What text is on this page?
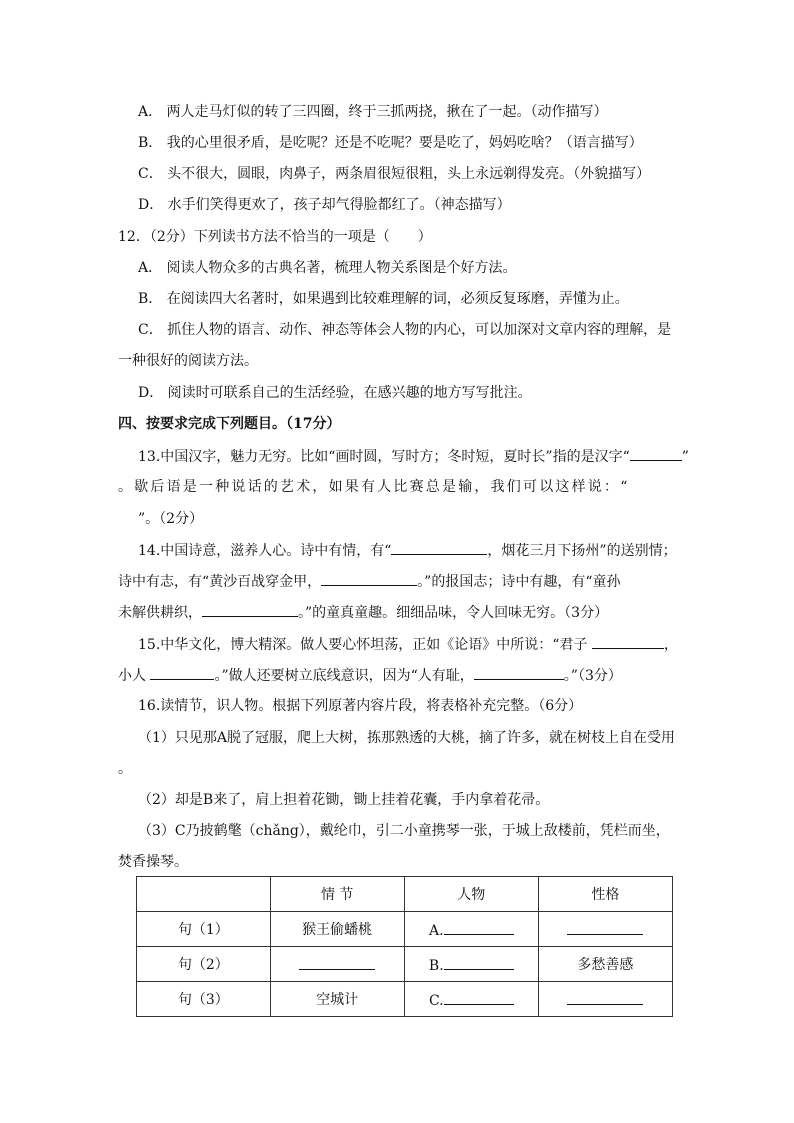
A． 两人走马灯似的转了三四圈，终于三抓两挠，揪在了一起。（动作描写）
B． 我的心里很矛盾，是吃呢？还是不吃呢？要是吃了，妈妈吃啥？（语言描写）
C． 头不很大，圆眼，肉鼻子，两条眉很短很粗，头上永远剃得发亮。（外貌描写）
D． 水手们笑得更欢了，孩子却气得脸都红了。（神态描写）
12．（2分）下列读书方法不恰当的一项是（　　）
A． 阅读人物众多的古典名著，梳理人物关系图是个好方法。
B． 在阅读四大名著时，如果遇到比较难理解的词，必须反复琢磨，弄懂为止。
C． 抓住人物的语言、动作、神态等体会人物的内心，可以加深对文章内容的理解，是
一种很好的阅读方法。
D． 阅读时可联系自己的生活经验，在感兴趣的地方写写批注。
四、按要求完成下列题目。（17分）
13.中国汉字，魅力无穷。比如“画时圆，写时方；冬时短，夏时长”指的是汉字“	”
。歇后语是一种说话的艺术，如果有人比赛总是输，我们可以这样说：“
”。（2分）
14.中国诗意，滋养人心。诗中有情，有“	，烟花三月下扬州”的送别情；
诗中有志，有“黄沙百战穿金甲，	。”的报国志；诗中有趣，有“童孙
未解供耕织，	。”的童真童趣。细细品味，令人回味无穷。（3分）
15.中华文化，博大精深。做人要心怀坦荡，正如《论语》中所说：“君子	，
小人	。”做人还要树立底线意识，因为“人有耻，	。”（3分）
16.读情节，识人物。根据下列原著内容片段，将表格补充完整。（6分）
（1）只见那A脱了冠服，爬上大树，拣那熟透的大桃，摘了许多，就在树枝上自在受用
。
（2）却是B来了，肩上担着花锄，锄上挂着花囊，手内拿着花帚。
（3）C乃披鹤氅（chǎng），戴纶巾，引二小童携琴一张，于城上敌楼前，凭栏而坐，
焚香操琴。
	情 节	人物	性格
句（1）	猴王偷蟠桃	A.	
句（2）		B.	多愁善感
句（3）	空城计	C.	
